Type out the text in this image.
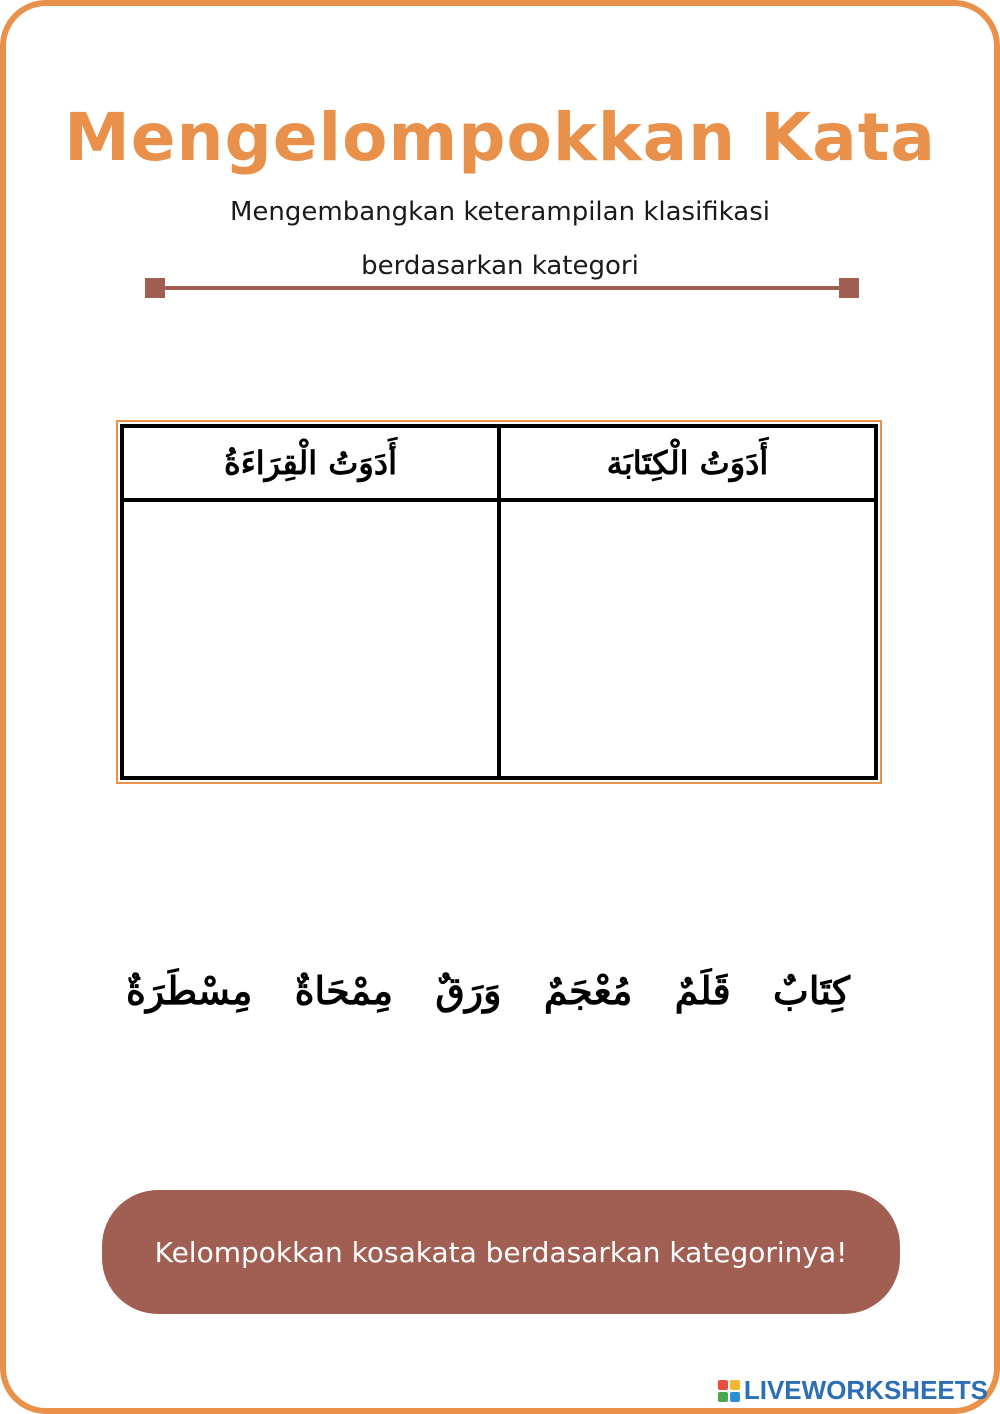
Mengelompokkan Kata

Mengembangkan keterampilan klasifikasi

berdasarkan kategori

أَدَوَتُ الْقِرَاءَةُ	أَدَوَتُ الْكِتَابَة

كِتَابٌ
قَلَمٌ
مُعْجَمٌ
وَرَقٌ
مِمْحَاةٌ
مِسْطَرَةٌ
Kelompokkan kosakata berdasarkan kategorinya!
LIVEWORKSHEETS
